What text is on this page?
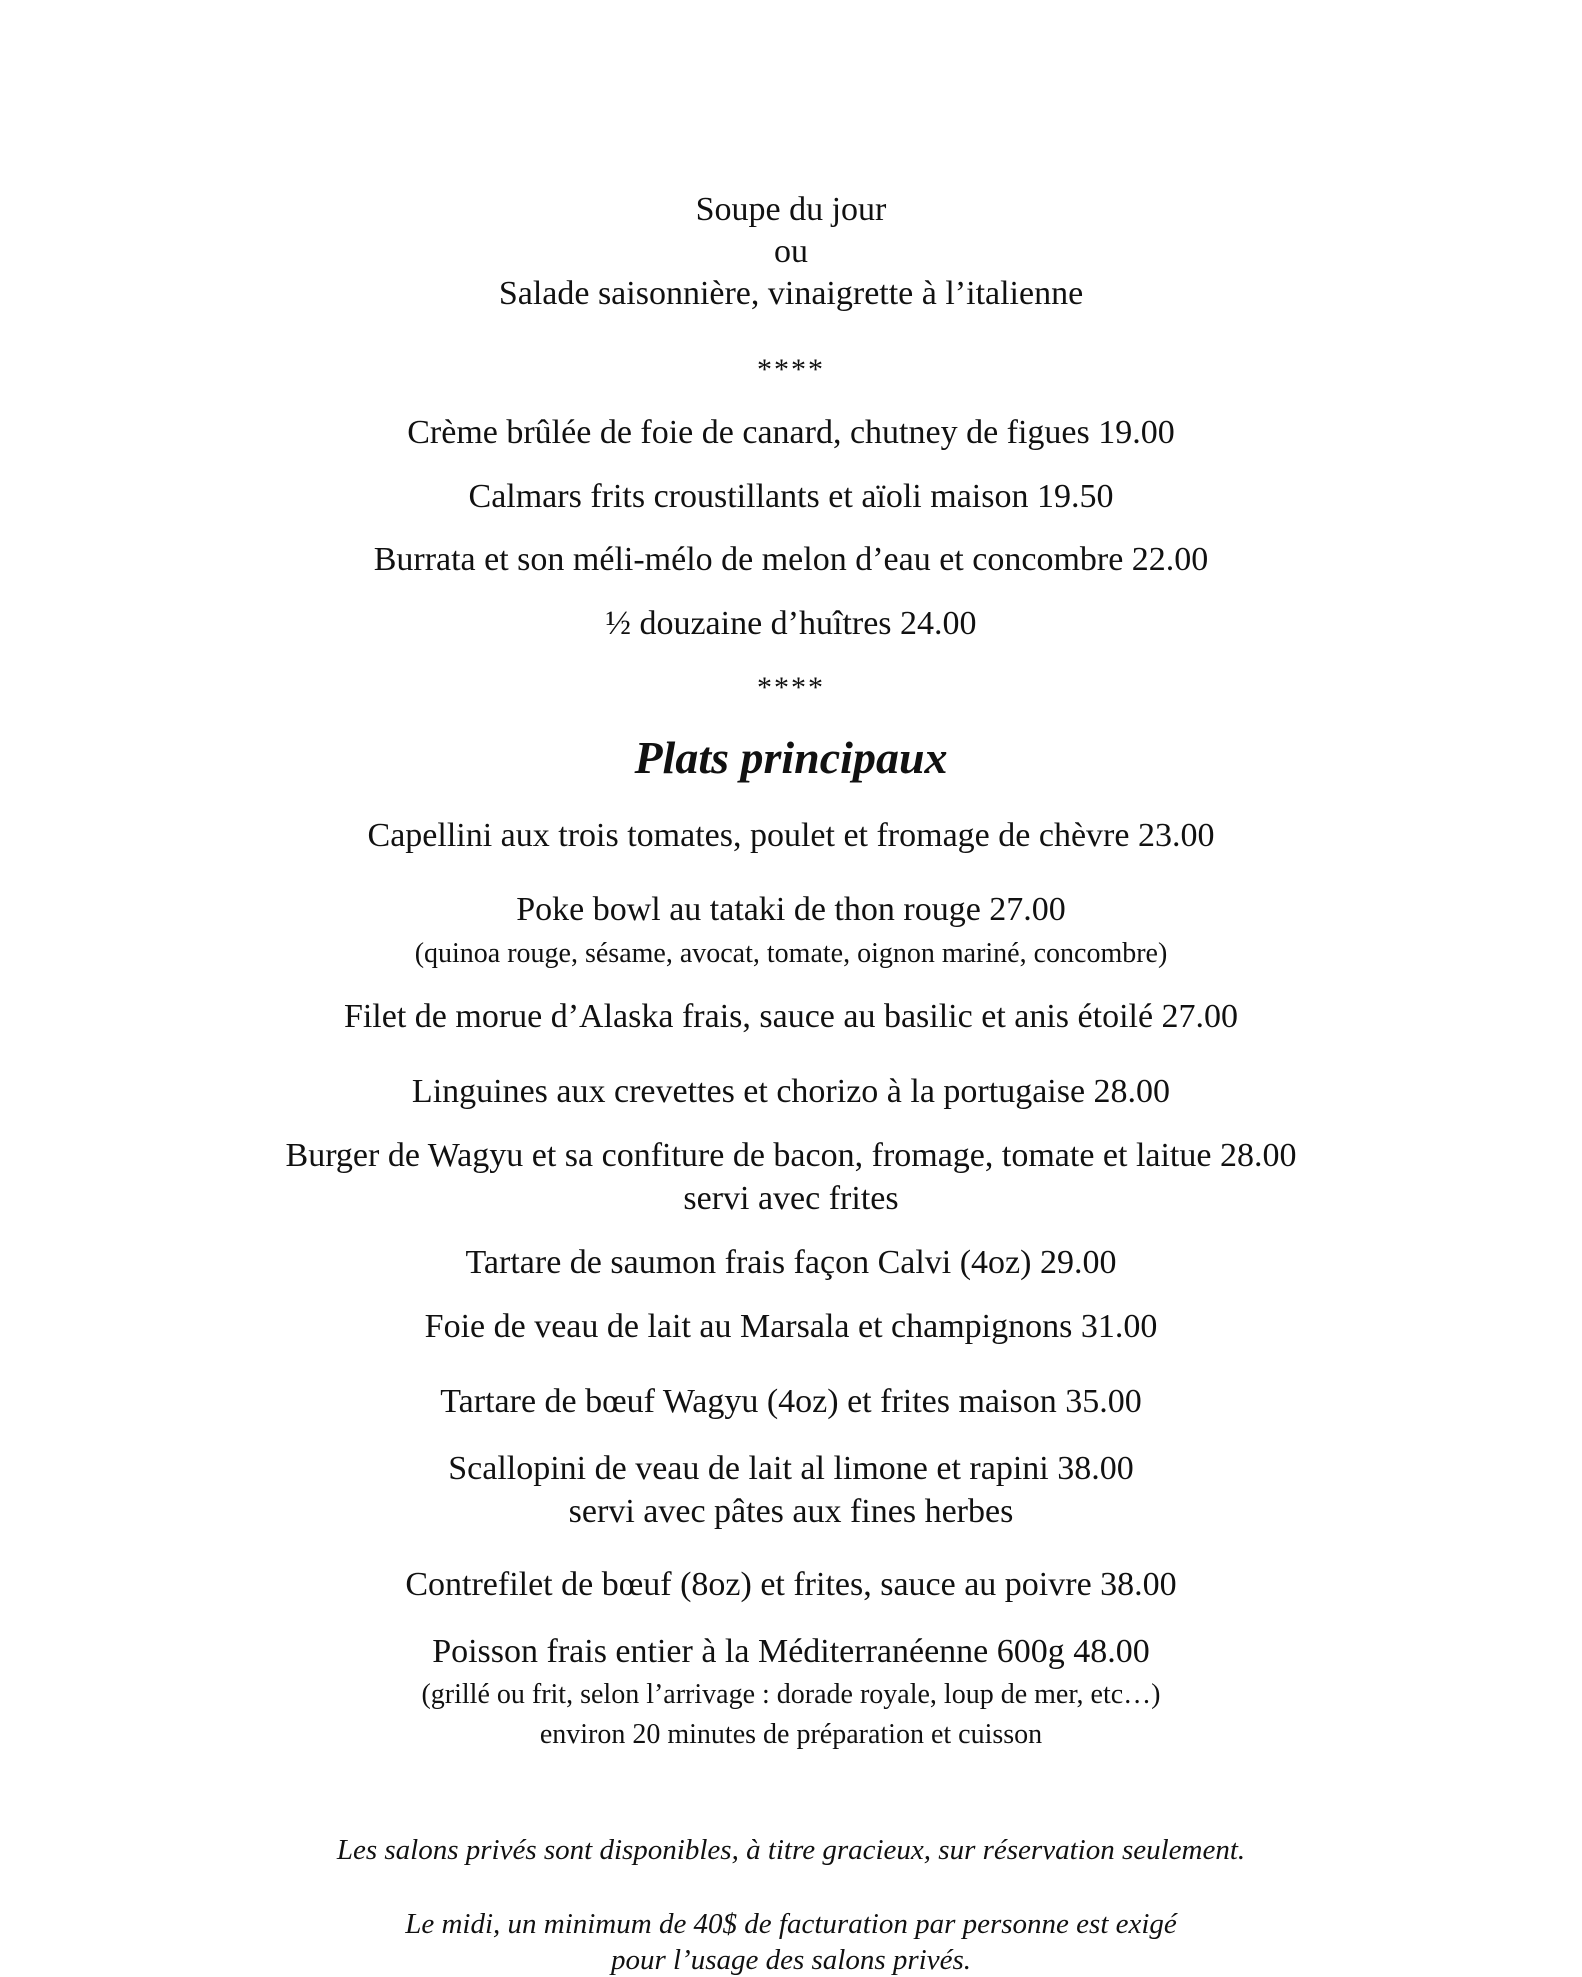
Soupe du jour
ou
Salade saisonnière, vinaigrette à l’italienne
****
Crème brûlée de foie de canard, chutney de figues 19.00
Calmars frits croustillants et aïoli maison 19.50
Burrata et son méli-mélo de melon d’eau et concombre 22.00
½ douzaine d’huîtres 24.00
****
Plats principaux
Capellini aux trois tomates, poulet et fromage de chèvre 23.00
Poke bowl au tataki de thon rouge 27.00
(quinoa rouge, sésame, avocat, tomate, oignon mariné, concombre)
Filet de morue d’Alaska frais, sauce au basilic et anis étoilé 27.00
Linguines aux crevettes et chorizo à la portugaise 28.00
Burger de Wagyu et sa confiture de bacon, fromage, tomate et laitue 28.00
servi avec frites
Tartare de saumon frais façon Calvi (4oz) 29.00
Foie de veau de lait au Marsala et champignons 31.00
Tartare de bœuf Wagyu (4oz) et frites maison 35.00
Scallopini de veau de lait al limone et rapini 38.00
servi avec pâtes aux fines herbes
Contrefilet de bœuf (8oz) et frites, sauce au poivre 38.00
Poisson frais entier à la Méditerranéenne 600g 48.00
(grillé ou frit, selon l’arrivage : dorade royale, loup de mer, etc…)
environ 20 minutes de préparation et cuisson
Les salons privés sont disponibles, à titre gracieux, sur réservation seulement.
Le midi, un minimum de 40$ de facturation par personne est exigé
pour l’usage des salons privés.
